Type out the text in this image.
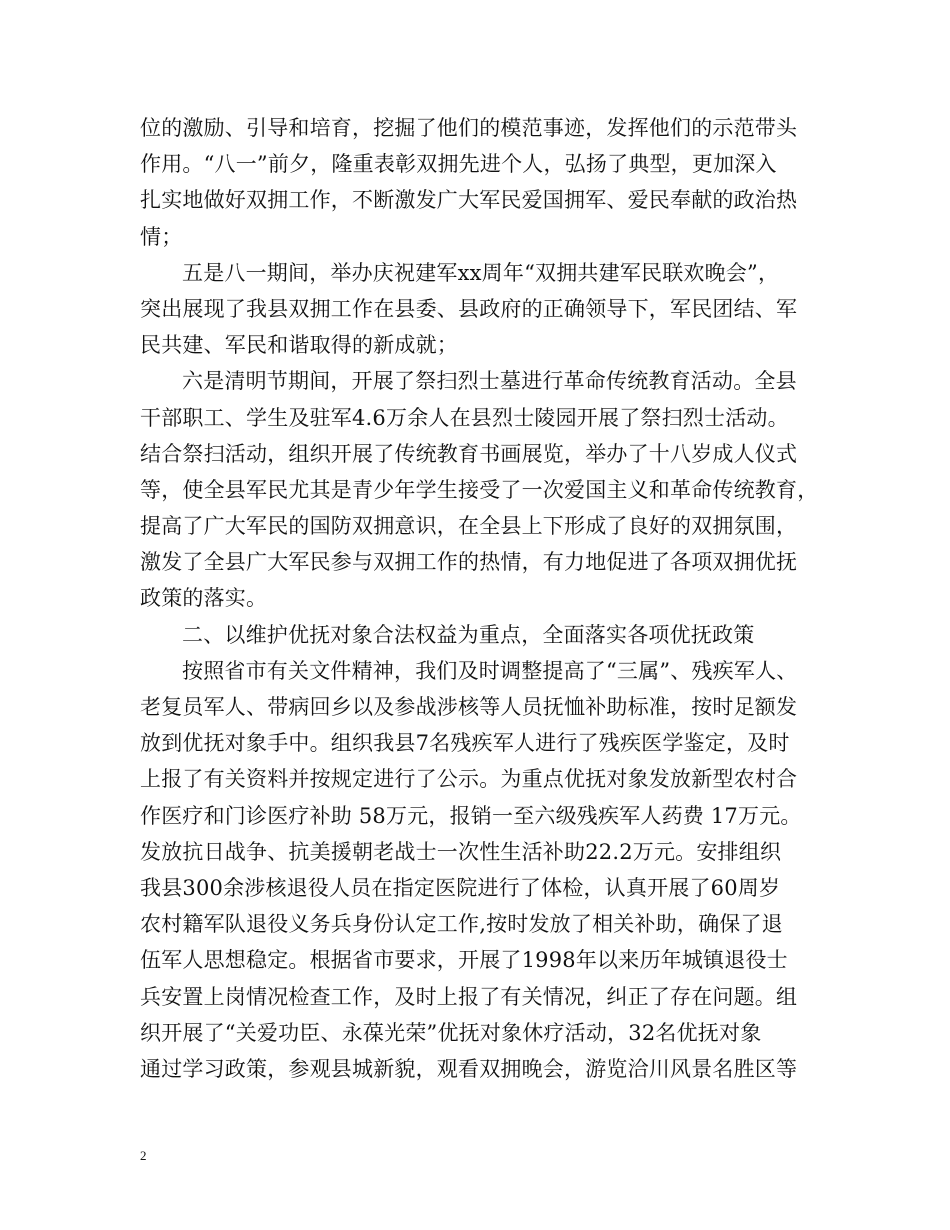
位的激励、引导和培育，挖掘了他们的模范事迹，发挥他们的示范带头
作用。“八一”前夕，隆重表彰双拥先进个人，弘扬了典型，更加深入
扎实地做好双拥工作，不断激发广大军民爱国拥军、爱民奉献的政治热
情；
五是八一期间，举办庆祝建军xx周年“双拥共建军民联欢晚会”，
突出展现了我县双拥工作在县委、县政府的正确领导下，军民团结、军
民共建、军民和谐取得的新成就；
六是清明节期间，开展了祭扫烈士墓进行革命传统教育活动。全县
干部职工、学生及驻军4.6万余人在县烈士陵园开展了祭扫烈士活动。
结合祭扫活动，组织开展了传统教育书画展览，举办了十八岁成人仪式
等，使全县军民尤其是青少年学生接受了一次爱国主义和革命传统教育，
提高了广大军民的国防双拥意识，在全县上下形成了良好的双拥氛围，
激发了全县广大军民参与双拥工作的热情，有力地促进了各项双拥优抚
政策的落实。
二、以维护优抚对象合法权益为重点，全面落实各项优抚政策
按照省市有关文件精神，我们及时调整提高了“三属”、残疾军人、
老复员军人、带病回乡以及参战涉核等人员抚恤补助标准，按时足额发
放到优抚对象手中。组织我县7名残疾军人进行了残疾医学鉴定，及时
上报了有关资料并按规定进行了公示。为重点优抚对象发放新型农村合
作医疗和门诊医疗补助 58万元，报销一至六级残疾军人药费 17万元。
发放抗日战争、抗美援朝老战士一次性生活补助22.2万元。安排组织
我县300余涉核退役人员在指定医院进行了体检，认真开展了60周岁
农村籍军队退役义务兵身份认定工作,按时发放了相关补助，确保了退
伍军人思想稳定。根据省市要求，开展了1998年以来历年城镇退役士
兵安置上岗情况检查工作，及时上报了有关情况，纠正了存在问题。组
织开展了“关爱功臣、永葆光荣”优抚对象休疗活动，32名优抚对象
通过学习政策，参观县城新貌，观看双拥晚会，游览洽川风景名胜区等
2
